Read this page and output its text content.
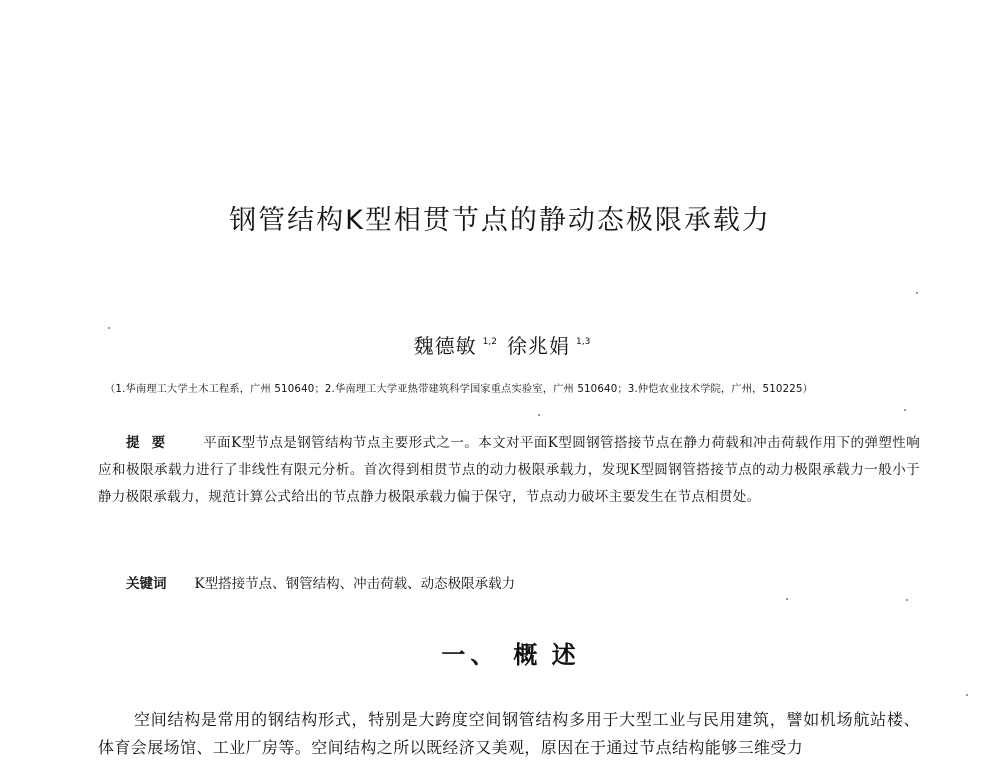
钢管结构K型相贯节点的静动态极限承载力
魏德敏 $^{1,2}$ 徐兆娟 $^{1,3}$
（1.华南理工大学土木工程系，广州 510640；2.华南理工大学亚热带建筑科学国家重点实验室，广州 510640；3.仲恺农业技术学院，广州，510225）
提要 平面K型节点是钢管结构节点主要形式之一。本文对平面K型圆钢管搭接节点在静力荷载和冲击荷载作用下的弹塑性响应和极限承载力进行了非线性有限元分析。首次得到相贯节点的动力极限承载力，发现K型圆钢管搭接节点的动力极限承载力一般小于静力极限承载力，规范计算公式给出的节点静力极限承载力偏于保守，节点动力破坏主要发生在节点相贯处。
关键词 K型搭接节点、钢管结构、冲击荷载、动态极限承载力
一、 概 述
空间结构是常用的钢结构形式，特别是大跨度空间钢管结构多用于大型工业与民用建筑，譬如机场航站楼、体育会展场馆、工业厂房等。空间结构之所以既经济又美观，原因在于通过节点结构能够三维受力
